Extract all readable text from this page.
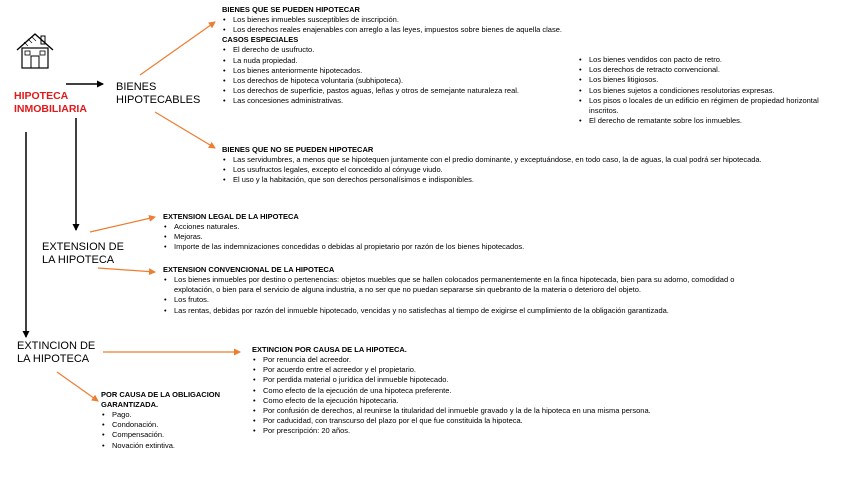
HIPOTECA
INMOBILIARIA
BIENES
HIPOTECABLES
BIENES QUE SE PUEDEN HIPOTECAR
• Los bienes inmuebles susceptibles de inscripción.
• Los derechos reales enajenables con arreglo a las leyes, impuestos sobre bienes de aquella clase.
CASOS ESPECIALES
• El derecho de usufructo.
• La nuda propiedad.
• Los bienes anteriormente hipotecados.
• Los derechos de hipoteca voluntaria (subhipoteca).
• Los derechos de superficie, pastos aguas, leñas y otros de semejante naturaleza real.
• Las concesiones administrativas.
• Los bienes vendidos con pacto de retro.
• Los derechos de retracto convencional.
• Los bienes litigiosos.
• Los bienes sujetos a condiciones resolutorias expresas.
• Los pisos o locales de un edificio en régimen de propiedad horizontal inscritos.
• El derecho de rematante sobre los inmuebles.
BIENES QUE NO SE PUEDEN HIPOTECAR
• Las servidumbres, a menos que se hipotequen juntamente con el predio dominante, y exceptuándose, en todo caso, la de aguas, la cual podrá ser hipotecada.
• Los usufructos legales, excepto el concedido al cónyuge viudo.
• El uso y la habitación, que son derechos personalísimos e indisponibles.
EXTENSION DE
LA HIPOTECA
EXTENSION LEGAL DE LA HIPOTECA
• Acciones naturales.
• Mejoras.
• Importe de las indemnizaciones concedidas o debidas al propietario por razón de los bienes hipotecados.
EXTENSION CONVENCIONAL DE LA HIPOTECA
• Los bienes inmuebles por destino o pertenencias: objetos muebles que se hallen colocados permanentemente en la finca hipotecada, bien para su adorno, comodidad o explotación, o bien para el servicio de alguna industria, a no ser que no puedan separarse sin quebranto de la materia o deterioro del objeto.
• Los frutos.
• Las rentas, debidas por razón del inmueble hipotecado, vencidas y no satisfechas al tiempo de exigirse el cumplimiento de la obligación garantizada.
EXTINCION DE
LA HIPOTECA
EXTINCION POR CAUSA DE LA HIPOTECA.
• Por renuncia del acreedor.
• Por acuerdo entre el acreedor y el propietario.
• Por perdida material o jurídica del inmueble hipotecado.
• Como efecto de la ejecución de una hipoteca preferente.
• Como efecto de la ejecución hipotecaria.
• Por confusión de derechos, al reunirse la titularidad del inmueble gravado y la de la hipoteca en una misma persona.
• Por caducidad, con transcurso del plazo por el que fue constituida la hipoteca.
• Por prescripción: 20 años.
POR CAUSA DE LA OBLIGACION
GARANTIZADA.
• Pago.
• Condonación.
• Compensación.
• Novación extintiva.
